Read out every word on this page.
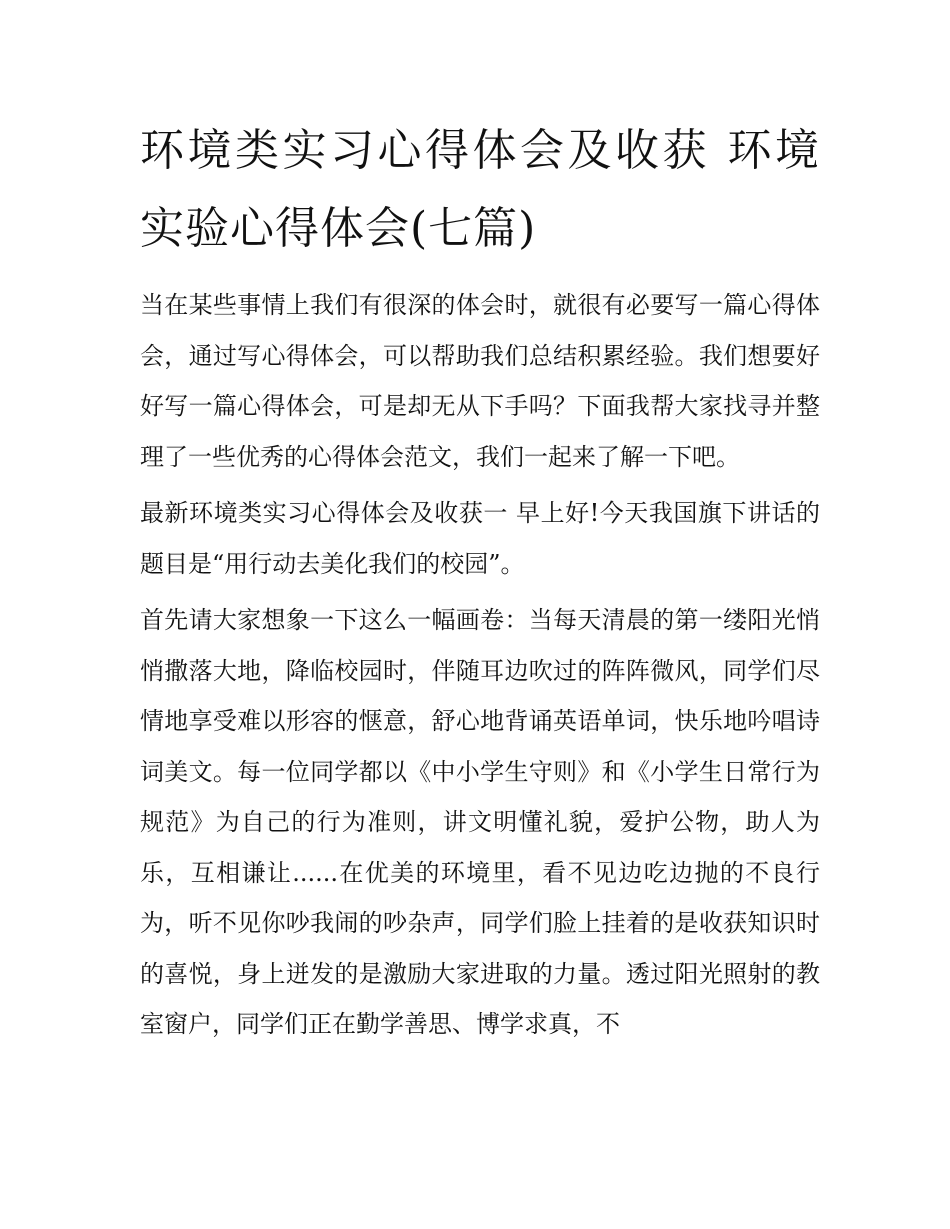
环境类实习心得体会及收获 环境实验心得体会(七篇)

当在某些事情上我们有很深的体会时，就很有必要写一篇心得体会，通过写心得体会，可以帮助我们总结积累经验。我们想要好好写一篇心得体会，可是却无从下手吗？下面我帮大家找寻并整理了一些优秀的心得体会范文，我们一起来了解一下吧。

最新环境类实习心得体会及收获一 早上好!今天我国旗下讲话的题目是“用行动去美化我们的校园”。

首先请大家想象一下这么一幅画卷：当每天清晨的第一缕阳光悄悄撒落大地，降临校园时，伴随耳边吹过的阵阵微风，同学们尽情地享受难以形容的惬意，舒心地背诵英语单词，快乐地吟唱诗词美文。每一位同学都以《中小学生守则》和《小学生日常行为规范》为自己的行为准则，讲文明懂礼貌，爱护公物，助人为乐，互相谦让......在优美的环境里，看不见边吃边抛的不良行为，听不见你吵我闹的吵杂声，同学们脸上挂着的是收获知识时的喜悦，身上迸发的是激励大家进取的力量。透过阳光照射的教室窗户，同学们正在勤学善思、博学求真，不
